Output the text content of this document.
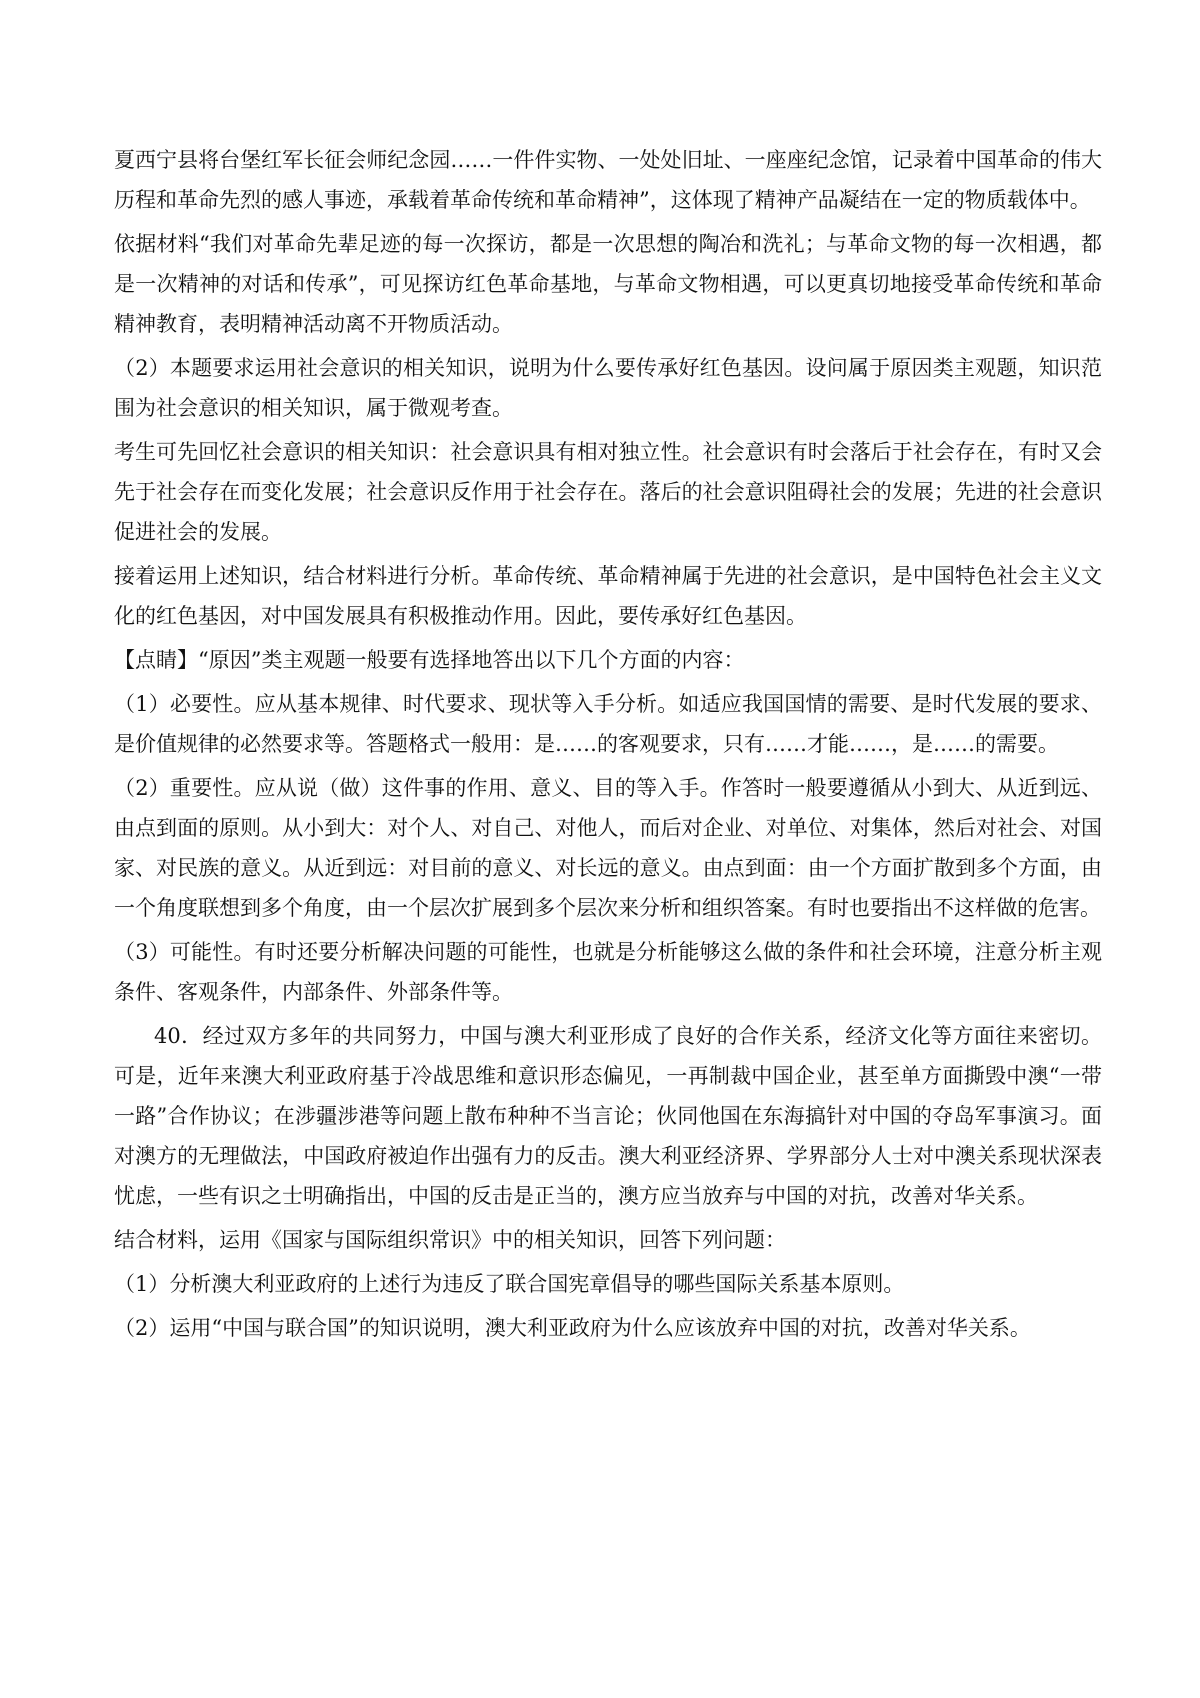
夏西宁县将台堡红军长征会师纪念园……一件件实物、一处处旧址、一座座纪念馆，记录着中国革命的伟大历程和革命先烈的感人事迹，承载着革命传统和革命精神”，这体现了精神产品凝结在一定的物质载体中。

依据材料“我们对革命先辈足迹的每一次探访，都是一次思想的陶冶和洗礼；与革命文物的每一次相遇，都是一次精神的对话和传承”，可见探访红色革命基地，与革命文物相遇，可以更真切地接受革命传统和革命精神教育，表明精神活动离不开物质活动。

（2）本题要求运用社会意识的相关知识，说明为什么要传承好红色基因。设问属于原因类主观题，知识范围为社会意识的相关知识，属于微观考查。

考生可先回忆社会意识的相关知识：社会意识具有相对独立性。社会意识有时会落后于社会存在，有时又会先于社会存在而变化发展；社会意识反作用于社会存在。落后的社会意识阻碍社会的发展；先进的社会意识促进社会的发展。

接着运用上述知识，结合材料进行分析。革命传统、革命精神属于先进的社会意识，是中国特色社会主义文化的红色基因，对中国发展具有积极推动作用。因此，要传承好红色基因。

【点睛】“原因”类主观题一般要有选择地答出以下几个方面的内容：

（1）必要性。应从基本规律、时代要求、现状等入手分析。如适应我国国情的需要、是时代发展的要求、是价值规律的必然要求等。答题格式一般用：是……的客观要求，只有……才能……，是……的需要。

（2）重要性。应从说（做）这件事的作用、意义、目的等入手。作答时一般要遵循从小到大、从近到远、由点到面的原则。从小到大：对个人、对自己、对他人，而后对企业、对单位、对集体，然后对社会、对国家、对民族的意义。从近到远：对目前的意义、对长远的意义。由点到面：由一个方面扩散到多个方面，由一个角度联想到多个角度，由一个层次扩展到多个层次来分析和组织答案。有时也要指出不这样做的危害。

（3）可能性。有时还要分析解决问题的可能性，也就是分析能够这么做的条件和社会环境，注意分析主观条件、客观条件，内部条件、外部条件等。

40．经过双方多年的共同努力，中国与澳大利亚形成了良好的合作关系，经济文化等方面往来密切。可是，近年来澳大利亚政府基于冷战思维和意识形态偏见，一再制裁中国企业，甚至单方面撕毁中澳“一带一路”合作协议；在涉疆涉港等问题上散布种种不当言论；伙同他国在东海搞针对中国的夺岛军事演习。面对澳方的无理做法，中国政府被迫作出强有力的反击。澳大利亚经济界、学界部分人士对中澳关系现状深表忧虑，一些有识之士明确指出，中国的反击是正当的，澳方应当放弃与中国的对抗，改善对华关系。

结合材料，运用《国家与国际组织常识》中的相关知识，回答下列问题：

（1）分析澳大利亚政府的上述行为违反了联合国宪章倡导的哪些国际关系基本原则。

（2）运用“中国与联合国”的知识说明，澳大利亚政府为什么应该放弃中国的对抗，改善对华关系。
